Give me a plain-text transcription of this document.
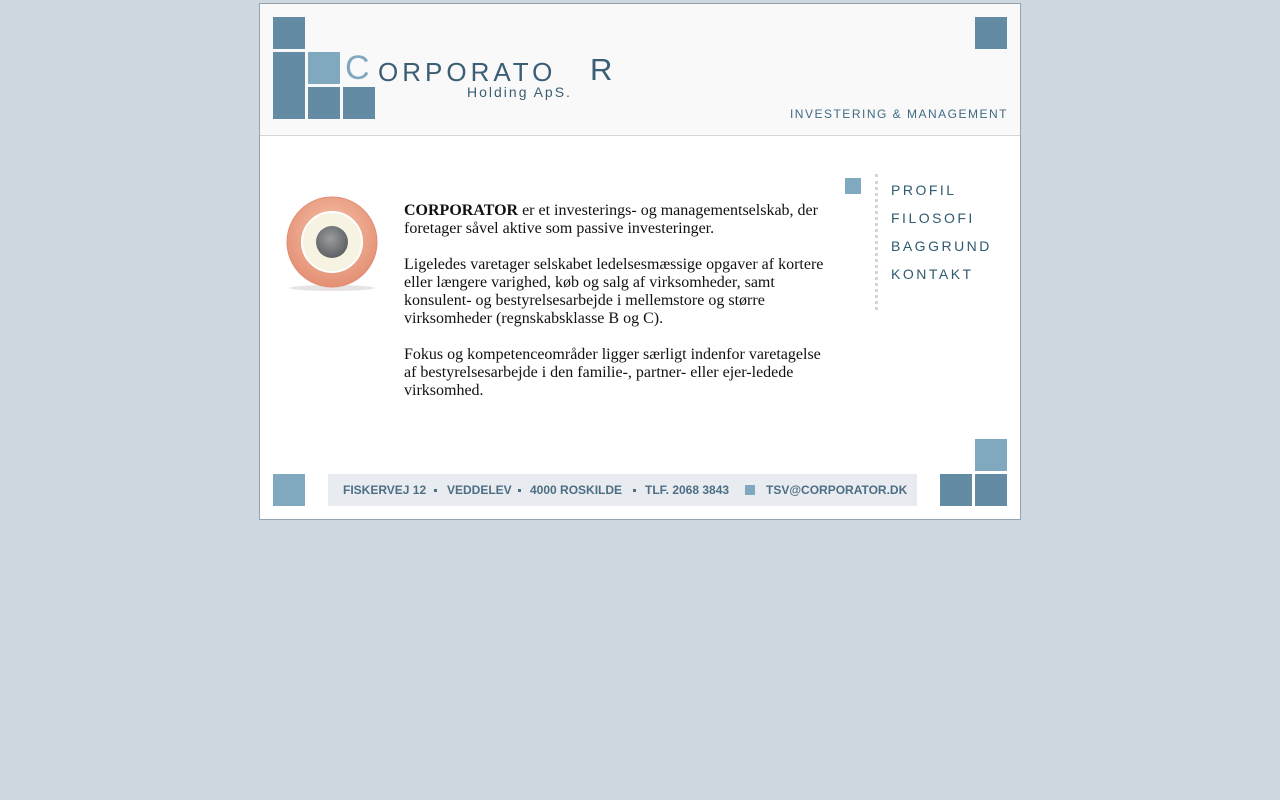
C ORPORATO R
Holding ApS.
INVESTERING & MANAGEMENT

CORPORATOR er et investerings- og managementselskab, der foretager såvel aktive som passive investeringer.

Ligeledes varetager selskabet ledelsesmæssige opgaver af kortere eller længere varighed, køb og salg af virksomheder, samt konsulent- og bestyrelsesarbejde i mellemstore og større virksomheder (regnskabsklasse B og C).

Fokus og kompetenceområder ligger særligt indenfor varetagelse af bestyrelsesarbejde i den familie-, partner- eller ejer-ledede virksomhed.

PROFIL
FILOSOFI
BAGGRUND
KONTAKT
FISKERVEJ 12 VEDDELEV 4000 ROSKILDE TLF. 2068 3843	TSV@CORPORATOR.DK
